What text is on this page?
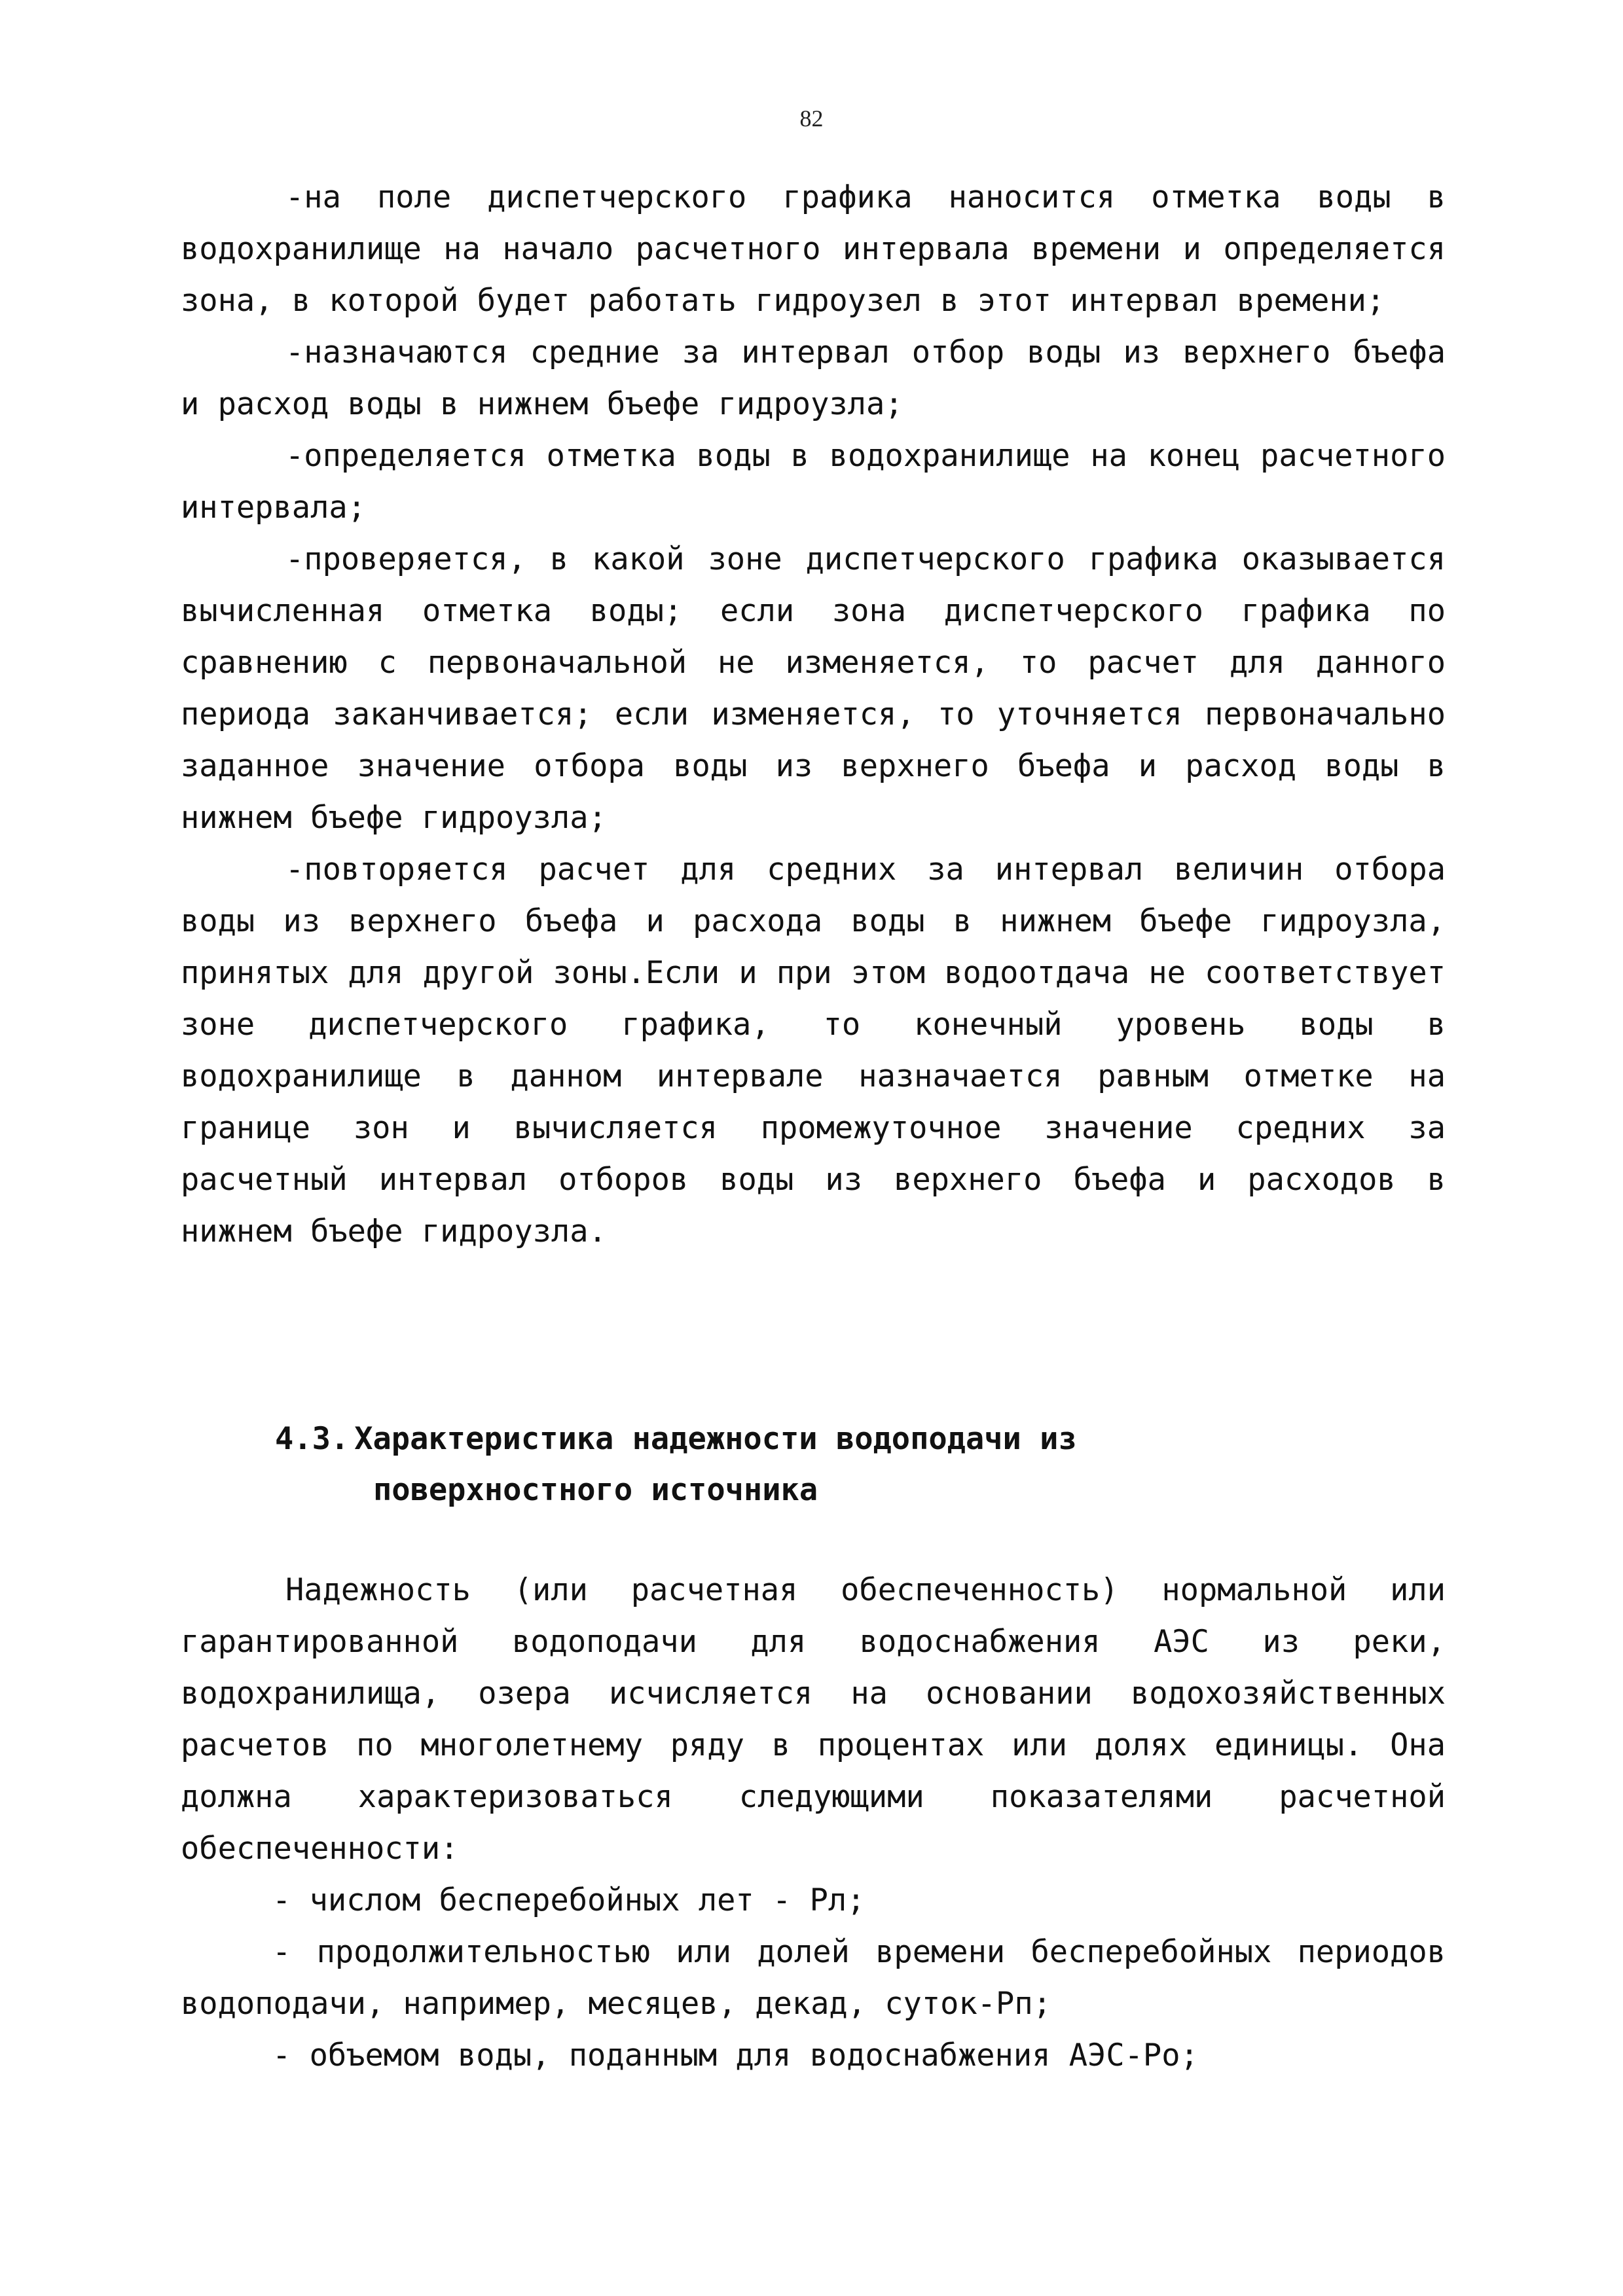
82

-на поле диспетчерского графика наносится отметка воды в водохранилище на начало расчетного интервала времени и определяется зона, в которой будет работать гидроузел в этот интервал времени;

-назначаются средние за интервал отбор воды из верхнего бъефа и расход воды в нижнем бъефе гидроузла;

-определяется отметка воды в водохранилище на конец расчетного интервала;

-проверяется, в какой зоне диспетчерского графика оказывается вычисленная отметка воды; если зона диспетчерского графика по сравнению с первоначальной не изменяется, то расчет для данного периода заканчивается; если изменяется, то уточняется первоначально заданное значение отбора воды из верхнего бъефа и расход воды в нижнем бъефе гидроузла;

-повторяется расчет для средних за интервал величин отбора воды из верхнего бъефа и расхода воды в нижнем бъефе гидроузла, принятых для другой зоны.Если и при этом водоотдача не соответствует зоне диспетчерского графика, то конечный уровень воды в водохранилище в данном интервале назначается равным отметке на границе зон и вычисляется промежуточное значение средних за расчетный интервал отборов воды из верхнего бъефа и расходов в нижнем бъефе гидроузла.

4.3. Характеристика надежности водоподачи из
поверхностного источника

Надежность (или расчетная обеспеченность) нормальной или гарантированной водоподачи для водоснабжения АЭС из реки, водохранилища, озера исчисляется на основании водохозяйственных расчетов по многолетнему ряду в процентах или долях единицы. Она должна характеризоваться следующими показателями расчетной обеспеченности:

- числом бесперебойных лет - Рл;

- продолжительностью или долей времени бесперебойных периодов водоподачи, например, месяцев, декад, суток-Рп;

- объемом воды, поданным для водоснабжения АЭС-Ро;
